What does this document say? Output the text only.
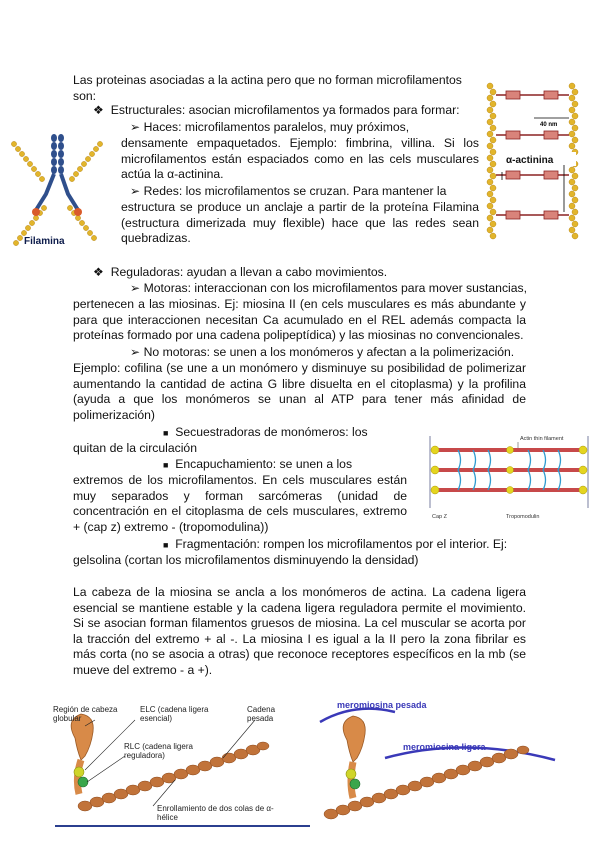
Las proteinas asociadas a la actina pero que no forman microfilamentos son:

❖ Estructurales: asocian microfilamentos ya formados para formar:
➢ Haces: microfilamentos paralelos, muy próximos,

densamente empaquetados. Ejemplo: fimbrina, villina. Si los microfilamentos están espaciados como en las cels musculares actúa la α-actinina.

➢ Redes: los microfilamentos se cruzan. Para mantener la

estructura se produce un anclaje a partir de la proteína Filamina (estructura dimerizada muy flexible) hace que las redes sean quebradizas.

Filamina
40 nm
α-actinina
❖ Reguladoras: ayudan a llevan a cabo movimientos.
➢ Motoras: interaccionan con los microfilamentos para mover sustancias,

pertenecen a las miosinas. Ej: miosina II (en cels musculares es más abundante y para que interaccionen necesitan Ca acumulado en el REL además compacta la proteínas formado por una cadena polipeptídica) y las miosinas no convencionales.

➢ No motoras: se unen a los monómeros y afectan a la polimerización.

Ejemplo: cofilina (se une a un monómero y disminuye su posibilidad de polimerizar aumentando la cantidad de actina G libre disuelta en el citoplasma) y la profilina (ayuda a que los monómeros se unan al ATP para tener más afinidad de polimerización)

■ Secuestradoras de monómeros: los

quitan de la circulación

■ Encapuchamiento: se unen a los

extremos de los microfilamentos. En cels musculares están muy separados y forman sarcómeras (unidad de concentración en el citoplasma de cels musculares, extremo + (cap z) extremo - (tropomodulina))

■ Fragmentación: rompen los microfilamentos por el interior. Ej:

gelsolina (cortan los microfilamentos disminuyendo la densidad)

Actin thin filament
Cap Z	Tropomodulin

La cabeza de la miosina se ancla a los monómeros de actina. La cadena ligera esencial se mantiene estable y la cadena ligera reguladora permite el movimiento. Si se asocian forman filamentos gruesos de miosina. La cel muscular se acorta por la tracción del extremo + al -. La miosina I es igual a la II pero la zona fibrilar es más corta (no se asocia a otras) que reconoce receptores específicos en la mb (se mueve del extremo - a +).

Región de cabeza globular
ELC (cadena ligera esencial)
Cadena pesada
RLC (cadena ligera reguladora)
Enrollamiento de dos colas de α-hélice
meromiosina pesada
meromiosina ligera
